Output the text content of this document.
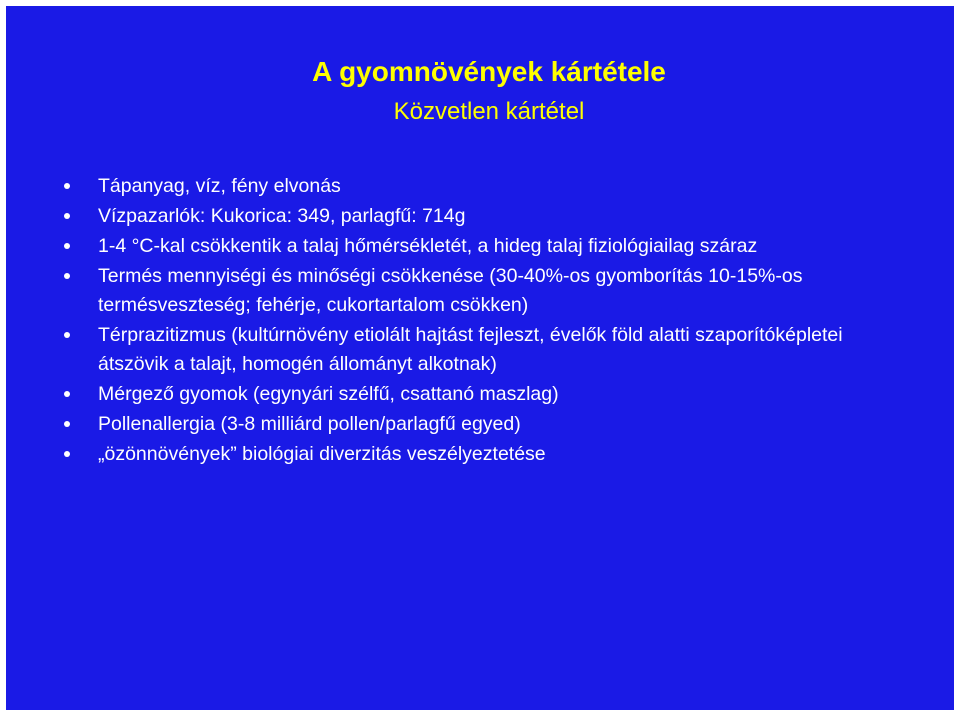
A gyomnövények kártétele
Közvetlen kártétel
Tápanyag, víz, fény elvonás
Vízpazarlók: Kukorica: 349, parlagfű: 714g
1-4 °C-kal csökkentik a talaj hőmérsékletét, a hideg talaj fiziológiailag száraz
Termés mennyiségi és minőségi csökkenése (30-40%-os gyomborítás 10-15%-os termésveszteség; fehérje, cukortartalom csökken)
Térprazitizmus (kultúrnövény etiolált hajtást fejleszt, évelők föld alatti szaporítóképletei átszövik a talajt, homogén állományt alkotnak)
Mérgező gyomok (egynyári szélfű, csattanó maszlag)
Pollenallergia (3-8 milliárd pollen/parlagfű egyed)
„özönnövények” biológiai diverzitás veszélyeztetése
